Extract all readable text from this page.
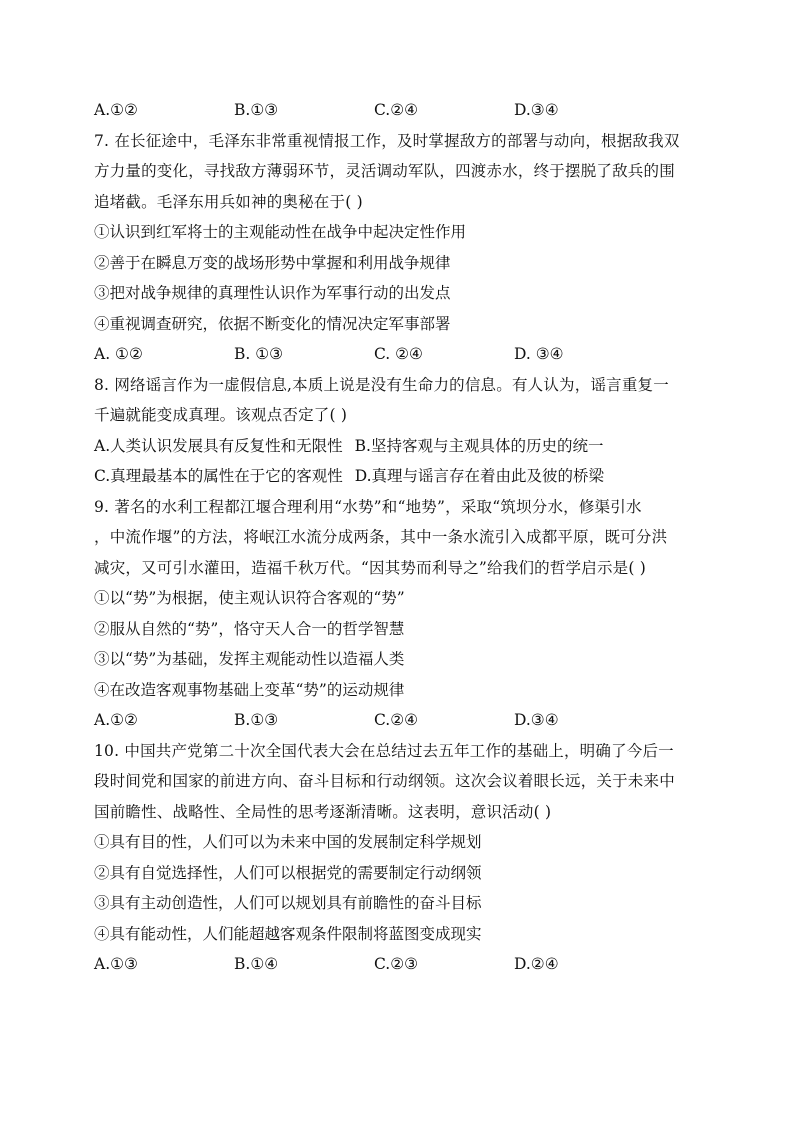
A.①②	B.①③	C.②④	D.③④
7. 在长征途中，毛泽东非常重视情报工作，及时掌握敌方的部署与动向，根据敌我双
方力量的变化，寻找敌方薄弱环节，灵活调动军队，四渡赤水，终于摆脱了敌兵的围
追堵截。毛泽东用兵如神的奥秘在于( )
①认识到红军将士的主观能动性在战争中起决定性作用
②善于在瞬息万变的战场形势中掌握和利用战争规律
③把对战争规律的真理性认识作为军事行动的出发点
④重视调查研究，依据不断变化的情况决定军事部署
A. ①②	B. ①③	C. ②④	D. ③④
8. 网络谣言作为一虚假信息,本质上说是没有生命力的信息。有人认为，谣言重复一
千遍就能变成真理。该观点否定了( )
A.人类认识发展具有反复性和无限性 B.坚持客观与主观具体的历史的统一
C.真理最基本的属性在于它的客观性 D.真理与谣言存在着由此及彼的桥梁
9. 著名的水利工程都江堰合理利用“水势”和“地势”，采取“筑坝分水，修渠引水
，中流作堰”的方法，将岷江水流分成两条，其中一条水流引入成都平原，既可分洪
减灾，又可引水灌田，造福千秋万代。“因其势而利导之”给我们的哲学启示是( )
①以“势”为根据，使主观认识符合客观的“势”
②服从自然的“势”，恪守天人合一的哲学智慧
③以“势”为基础，发挥主观能动性以造福人类
④在改造客观事物基础上变革“势”的运动规律
A.①②	B.①③	C.②④	D.③④
10. 中国共产党第二十次全国代表大会在总结过去五年工作的基础上，明确了今后一
段时间党和国家的前进方向、奋斗目标和行动纲领。这次会议着眼长远，关于未来中
国前瞻性、战略性、全局性的思考逐渐清晰。这表明，意识活动( )
①具有目的性，人们可以为未来中国的发展制定科学规划
②具有自觉选择性，人们可以根据党的需要制定行动纲领
③具有主动创造性，人们可以规划具有前瞻性的奋斗目标
④具有能动性，人们能超越客观条件限制将蓝图变成现实
A.①③	B.①④	C.②③	D.②④
